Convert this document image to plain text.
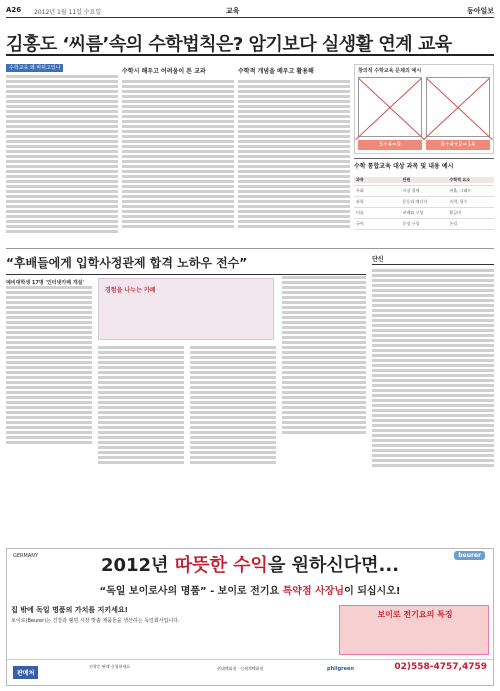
A26 2012년 1월 11일 수요일	교육	동아일보
김홍도 ‘씨름’속의 수학법칙은? 암기보다 실생활 연계 교육
수학교육 왜 바뀌고있나	수학시 해우고 어려움이 튼 교과	수학적 개념을 배우고 활용해	창의적 수학교육 문제의 예시
5+4=9	8+4+2=14
수학 통합교육 대상 과목 및 내용 예시
과목	단원	수학적 요소
사회	시장 경제	비율, 그래프
과학	운동과 에너지	속력, 함수
미술	비례와 구성	황금비
국어	문장 구성	논리
“후배들에게 입학사정관제 합격 노하우 전수”
예비대학생 17명 '인터넷카페 개설'
경험을 나누는 카페
단신
GERMANY	beurer
2012년 따뜻한 수익을 원하신다면...
“독일 보이로사의 명품” - 보이로 전기요 특약점 사장님이 되십시오!
집 밖에 독일 명품의 가치를 지키세요!
보이로(Beurer)는 건강과 웰빙 시장 맞춤 제품들을 생산하는 독일회사입니다.
보이로 전기요의 특징
판매처
선착순 판매 신청하세요	현대백화점 · 신세계백화점	philgreen	02)558-4757,4759
